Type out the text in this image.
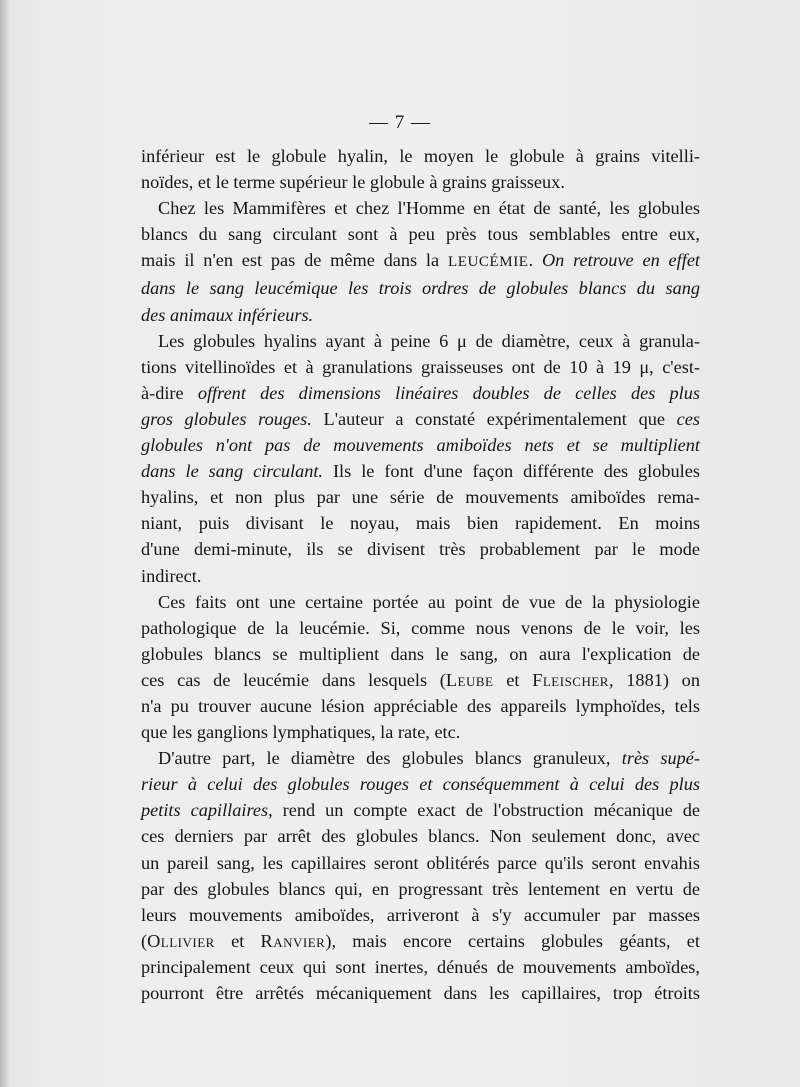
— 7 —

inférieur est le globule hyalin, le moyen le globule à grains vitelli-
noïdes, et le terme supérieur le globule à grains graisseux.

Chez les Mammifères et chez l'Homme en état de santé, les globules
blancs du sang circulant sont à peu près tous semblables entre eux,
mais il n'en est pas de même dans la LEUCÉMIE. On retrouve en effet
dans le sang leucémique les trois ordres de globules blancs du sang
des animaux inférieurs.

Les globules hyalins ayant à peine 6 μ de diamètre, ceux à granula-
tions vitellinoïdes et à granulations graisseuses ont de 10 à 19 μ, c'est-
à-dire offrent des dimensions linéaires doubles de celles des plus
gros globules rouges. L'auteur a constaté expérimentalement que ces
globules n'ont pas de mouvements amiboïdes nets et se multiplient
dans le sang circulant. Ils le font d'une façon différente des globules
hyalins, et non plus par une série de mouvements amiboïdes rema-
niant, puis divisant le noyau, mais bien rapidement. En moins
d'une demi-minute, ils se divisent très probablement par le mode
indirect.

Ces faits ont une certaine portée au point de vue de la physiologie
pathologique de la leucémie. Si, comme nous venons de le voir, les
globules blancs se multiplient dans le sang, on aura l'explication de
ces cas de leucémie dans lesquels (Leube et Fleischer, 1881) on
n'a pu trouver aucune lésion appréciable des appareils lymphoïdes, tels
que les ganglions lymphatiques, la rate, etc.

D'autre part, le diamètre des globules blancs granuleux, très supé-
rieur à celui des globules rouges et conséquemment à celui des plus
petits capillaires, rend un compte exact de l'obstruction mécanique de
ces derniers par arrêt des globules blancs. Non seulement donc, avec
un pareil sang, les capillaires seront oblitérés parce qu'ils seront envahis
par des globules blancs qui, en progressant très lentement en vertu de
leurs mouvements amiboïdes, arriveront à s'y accumuler par masses
(Ollivier et Ranvier), mais encore certains globules géants, et
principalement ceux qui sont inertes, dénués de mouvements amboïdes,
pourront être arrêtés mécaniquement dans les capillaires, trop étroits
